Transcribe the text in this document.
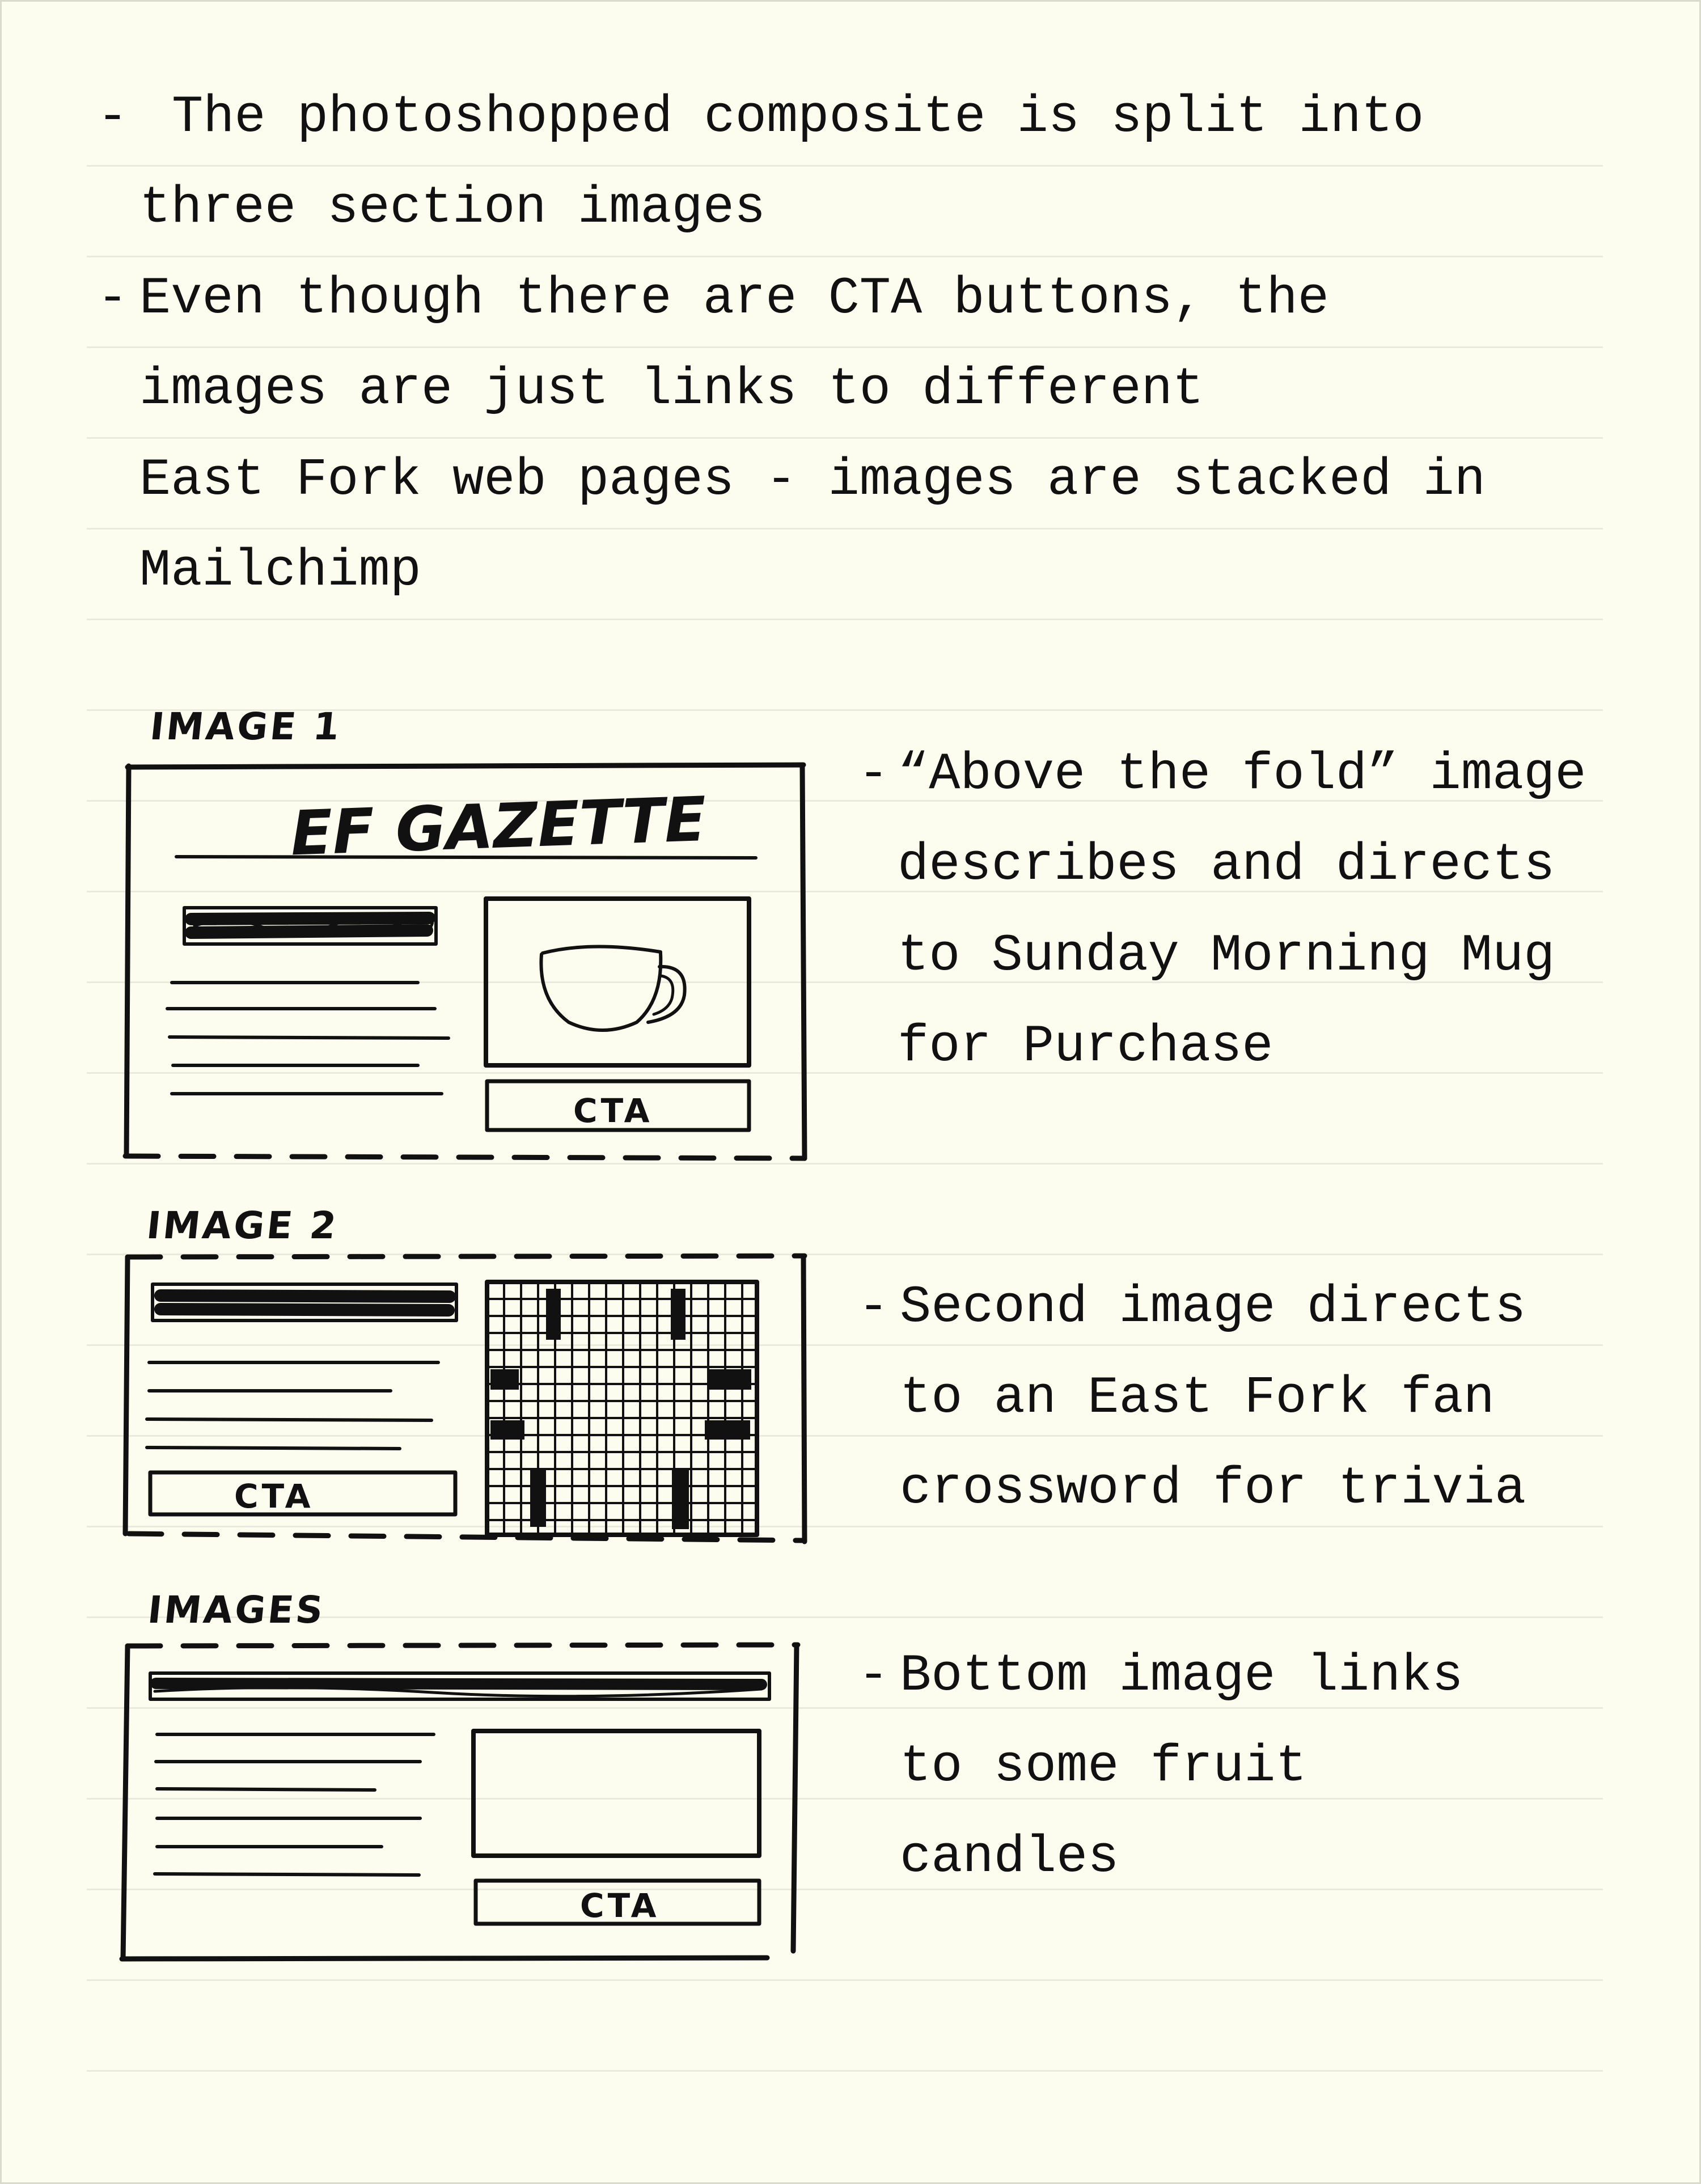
- The photoshopped composite is split into
three section images
- Even though there are CTA buttons, the
images are just links to different
East Fork web pages - images are stacked in
Mailchimp
IMAGE 1
EF GAZETTE
CTA
- “Above the fold” image
describes and directs
to Sunday Morning Mug
for Purchase
IMAGE 2
CTA
- Second image directs
to an East Fork fan
crossword for trivia
IMAGES
CTA
- Bottom image links
to some fruit
candles
